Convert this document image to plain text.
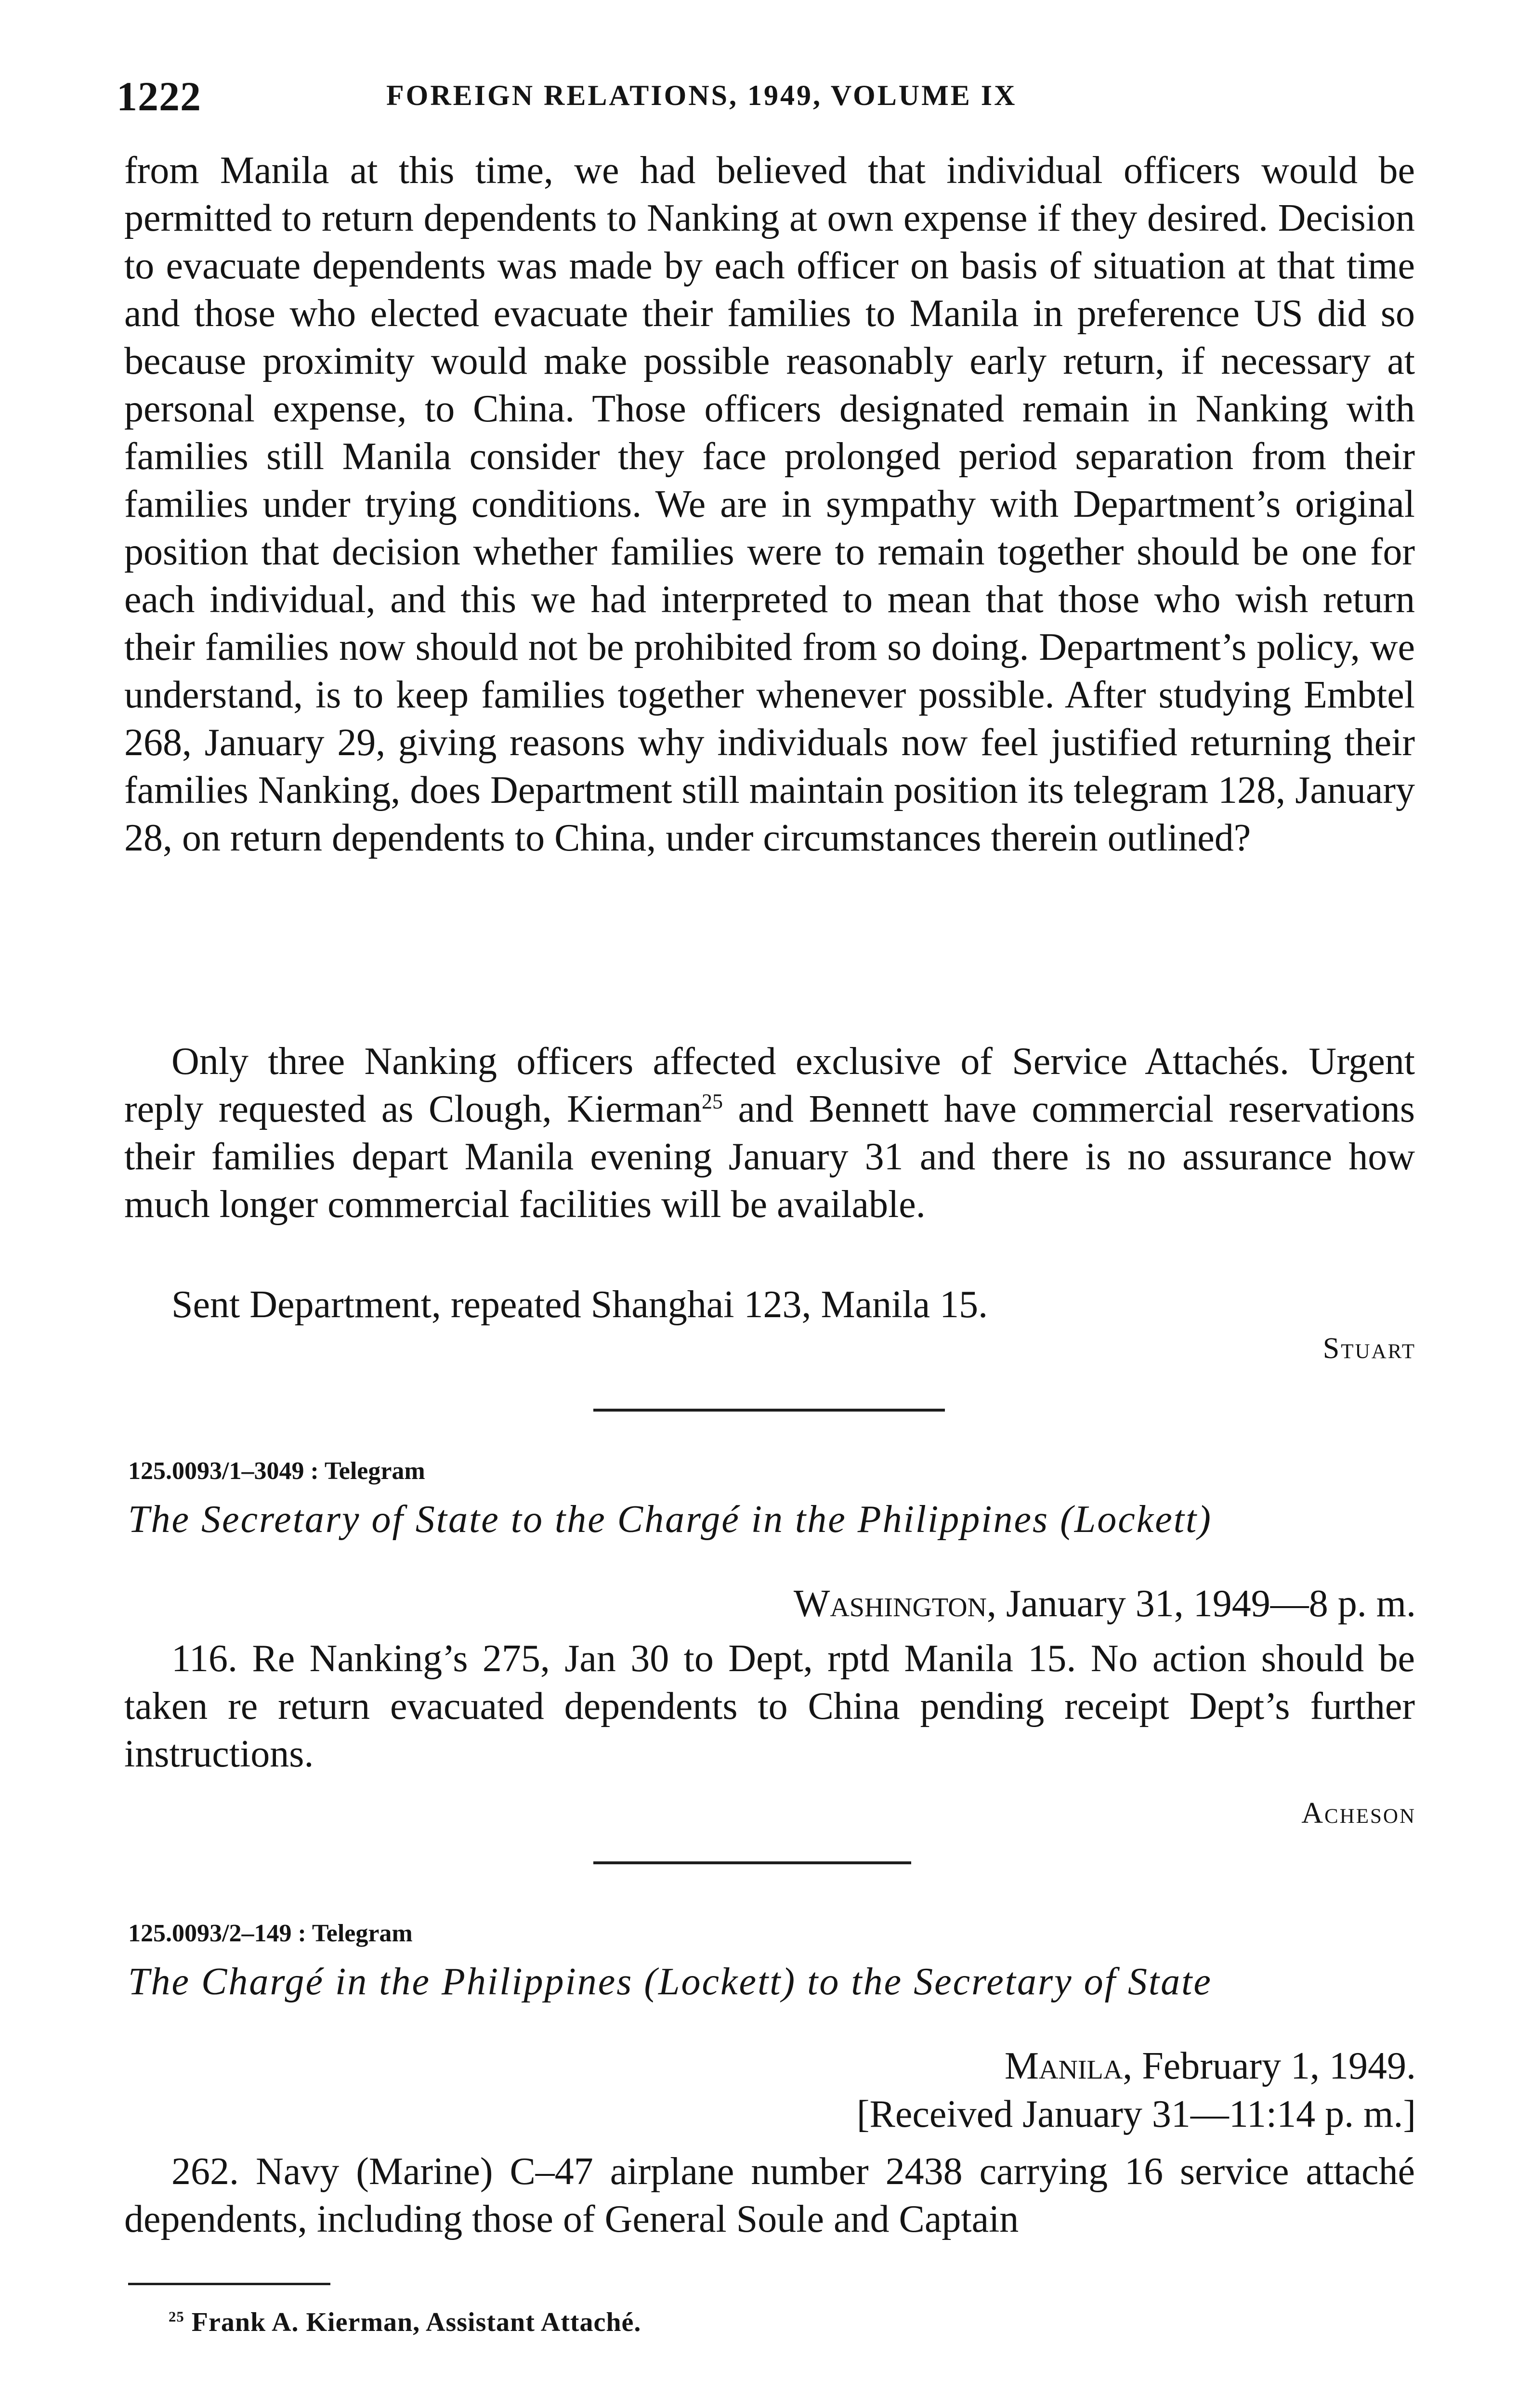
1222	FOREIGN RELATIONS, 1949, VOLUME IX

from Manila at this time, we had believed that individual officers would be permitted to return dependents to Nanking at own expense if they desired. Decision to evacuate dependents was made by each officer on basis of situation at that time and those who elected evacuate their families to Manila in preference US did so because proximity would make possible reasonably early return, if necessary at personal expense, to China. Those officers designated remain in Nanking with families still Manila consider they face prolonged period separation from their families under trying conditions. We are in sympathy with Department’s original position that decision whether families were to remain together should be one for each individual, and this we had interpreted to mean that those who wish return their families now should not be prohibited from so doing. Department’s policy, we understand, is to keep families together whenever possible. After studying Embtel 268, January 29, giving reasons why individuals now feel justified returning their families Nanking, does Department still maintain position its telegram 128, January 28, on return dependents to China, under circumstances therein outlined?

Only three Nanking officers affected exclusive of Service Attachés. Urgent reply requested as Clough, Kierman$^{25}$ and Bennett have commercial reservations their families depart Manila evening January 31 and there is no assurance how much longer commercial facilities will be available.

Sent Department, repeated Shanghai 123, Manila 15.

Stuart
125.0093/1–3049 : Telegram
The Secretary of State to the Chargé in the Philippines (Lockett)
Washington, January 31, 1949—8 p. m.

116. Re Nanking’s 275, Jan 30 to Dept, rptd Manila 15. No action should be taken re return evacuated dependents to China pending receipt Dept’s further instructions.

Acheson
125.0093/2–149 : Telegram
The Chargé in the Philippines (Lockett) to the Secretary of State
Manila, February 1, 1949.
[Received January 31—11:14 p. m.]

262. Navy (Marine) C–47 airplane number 2438 carrying 16 service attaché dependents, including those of General Soule and Captain

$^{25}$ Frank A. Kierman, Assistant Attaché.
